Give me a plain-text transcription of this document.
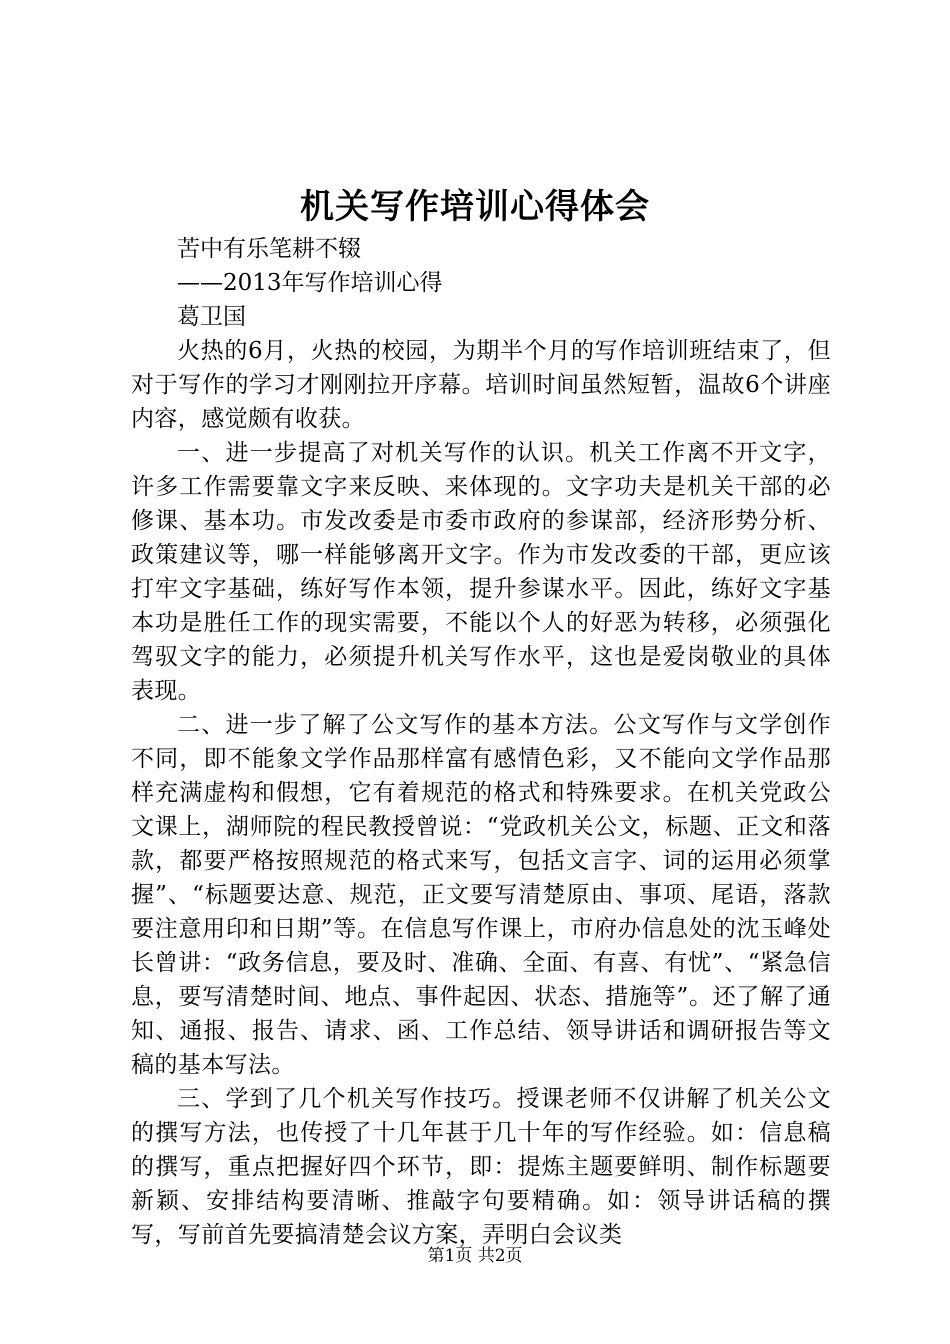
机关写作培训心得体会

苦中有乐笔耕不辍

——2013年写作培训心得

葛卫国

火热的6月，火热的校园，为期半个月的写作培训班结束了，但对于写作的学习才刚刚拉开序幕。培训时间虽然短暂，温故6个讲座内容，感觉颇有收获。

一、进一步提高了对机关写作的认识。机关工作离不开文字，许多工作需要靠文字来反映、来体现的。文字功夫是机关干部的必修课、基本功。市发改委是市委市政府的参谋部，经济形势分析、政策建议等，哪一样能够离开文字。作为市发改委的干部，更应该打牢文字基础，练好写作本领，提升参谋水平。因此，练好文字基本功是胜任工作的现实需要，不能以个人的好恶为转移，必须强化驾驭文字的能力，必须提升机关写作水平，这也是爱岗敬业的具体表现。

二、进一步了解了公文写作的基本方法。公文写作与文学创作不同，即不能象文学作品那样富有感情色彩，又不能向文学作品那样充满虚构和假想，它有着规范的格式和特殊要求。在机关党政公文课上，湖师院的程民教授曾说：“党政机关公文，标题、正文和落款，都要严格按照规范的格式来写，包括文言字、词的运用必须掌握”、“标题要达意、规范，正文要写清楚原由、事项、尾语，落款要注意用印和日期”等。在信息写作课上，市府办信息处的沈玉峰处长曾讲：“政务信息，要及时、准确、全面、有喜、有忧”、“紧急信息，要写清楚时间、地点、事件起因、状态、措施等”。还了解了通知、通报、报告、请求、函、工作总结、领导讲话和调研报告等文稿的基本写法。

三、学到了几个机关写作技巧。授课老师不仅讲解了机关公文的撰写方法，也传授了十几年甚于几十年的写作经验。如：信息稿的撰写，重点把握好四个环节，即：提炼主题要鲜明、制作标题要新颖、安排结构要清晰、推敲字句要精确。如：领导讲话稿的撰写，写前首先要搞清楚会议方案，弄明白会议类

第1页 共2页
